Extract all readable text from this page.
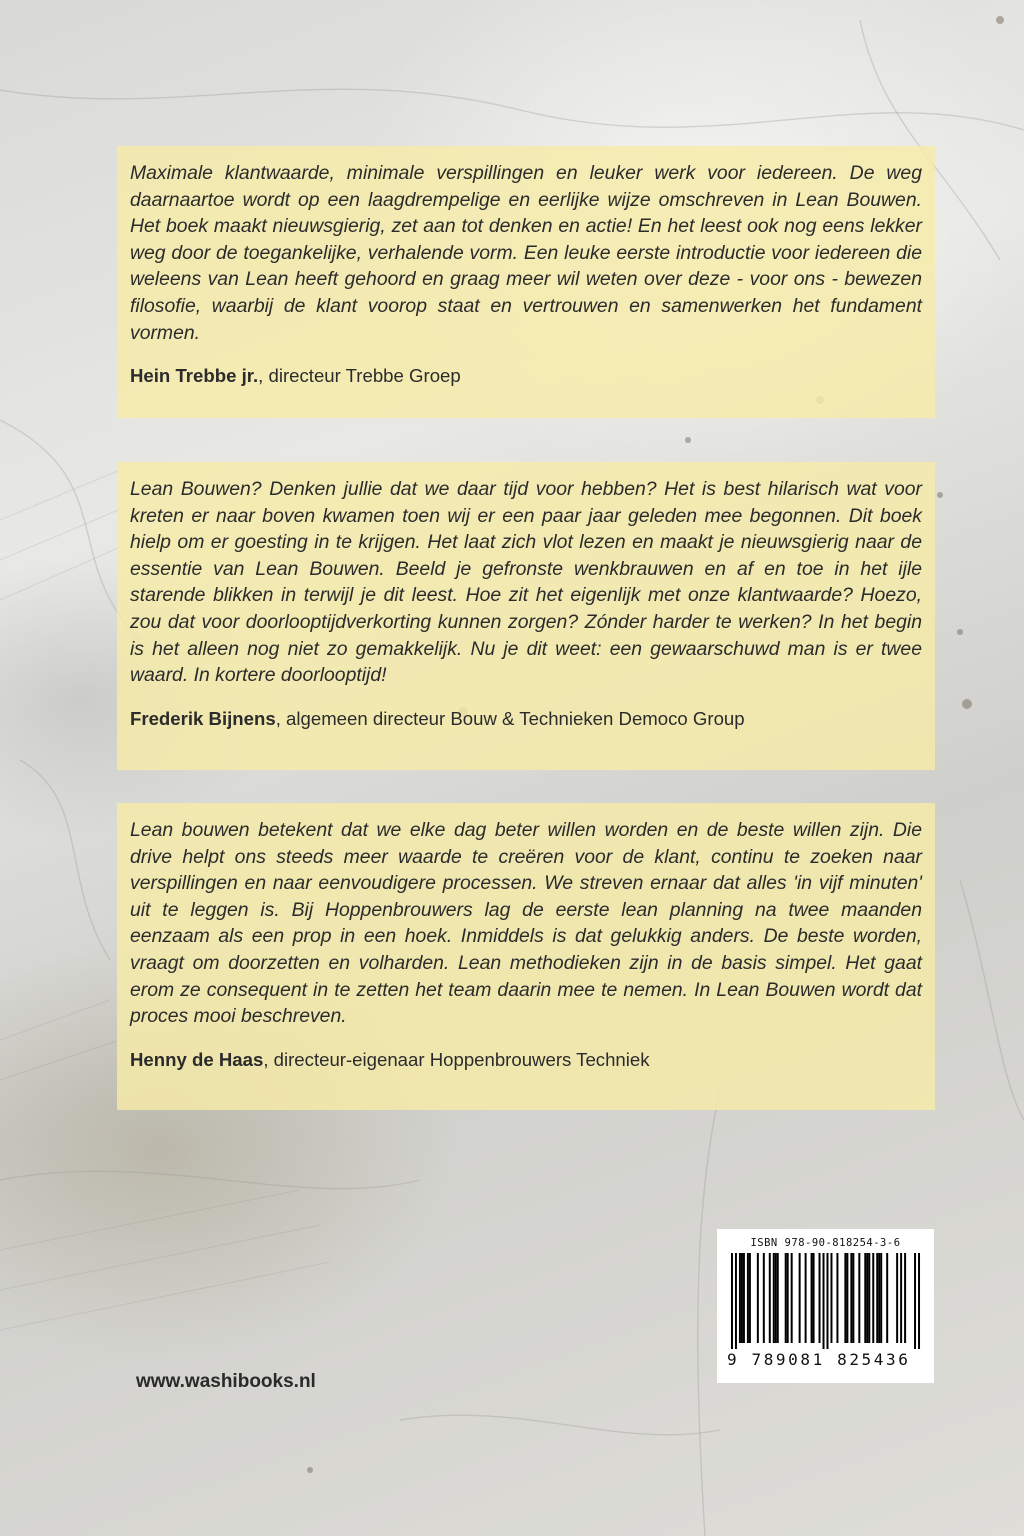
Maximale klantwaarde, minimale verspillingen en leuker werk voor iedereen. De weg daarnaartoe wordt op een laagdrempelige en eerlijke wijze omschreven in Lean Bouwen. Het boek maakt nieuwsgierig, zet aan tot denken en actie! En het leest ook nog eens lekker weg door de toegankelijke, verhalende vorm. Een leuke eerste introductie voor iedereen die weleens van Lean heeft gehoord en graag meer wil weten over deze - voor ons - bewezen filosofie, waarbij de klant voorop staat en vertrouwen en samenwerken het fundament vormen.

Hein Trebbe jr., directeur Trebbe Groep

Lean Bouwen? Denken jullie dat we daar tijd voor hebben? Het is best hilarisch wat voor kreten er naar boven kwamen toen wij er een paar jaar geleden mee begonnen. Dit boek hielp om er goesting in te krijgen. Het laat zich vlot lezen en maakt je nieuwsgierig naar de essentie van Lean Bouwen. Beeld je gefronste wenkbrauwen en af en toe in het ijle starende blikken in terwijl je dit leest. Hoe zit het eigenlijk met onze klantwaarde? Hoezo, zou dat voor doorlooptijdverkorting kunnen zorgen? Zónder harder te werken? In het begin is het alleen nog niet zo gemakkelijk. Nu je dit weet: een gewaarschuwd man is er twee waard. In kortere doorlooptijd!

Frederik Bijnens, algemeen directeur Bouw & Technieken Democo Group

Lean bouwen betekent dat we elke dag beter willen worden en de beste willen zijn. Die drive helpt ons steeds meer waarde te creëren voor de klant, continu te zoeken naar verspillingen en naar eenvoudigere processen. We streven ernaar dat alles 'in vijf minuten' uit te leggen is. Bij Hoppenbrouwers lag de eerste lean planning na twee maanden eenzaam als een prop in een hoek. Inmiddels is dat gelukkig anders. De beste worden, vraagt om doorzetten en volharden. Lean methodieken zijn in de basis simpel. Het gaat erom ze consequent in te zetten het team daarin mee te nemen. In Lean Bouwen wordt dat proces mooi beschreven.

Henny de Haas, directeur-eigenaar Hoppenbrouwers Techniek

www.washibooks.nl
ISBN 978-90-818254-3-6
9 789081 825436
